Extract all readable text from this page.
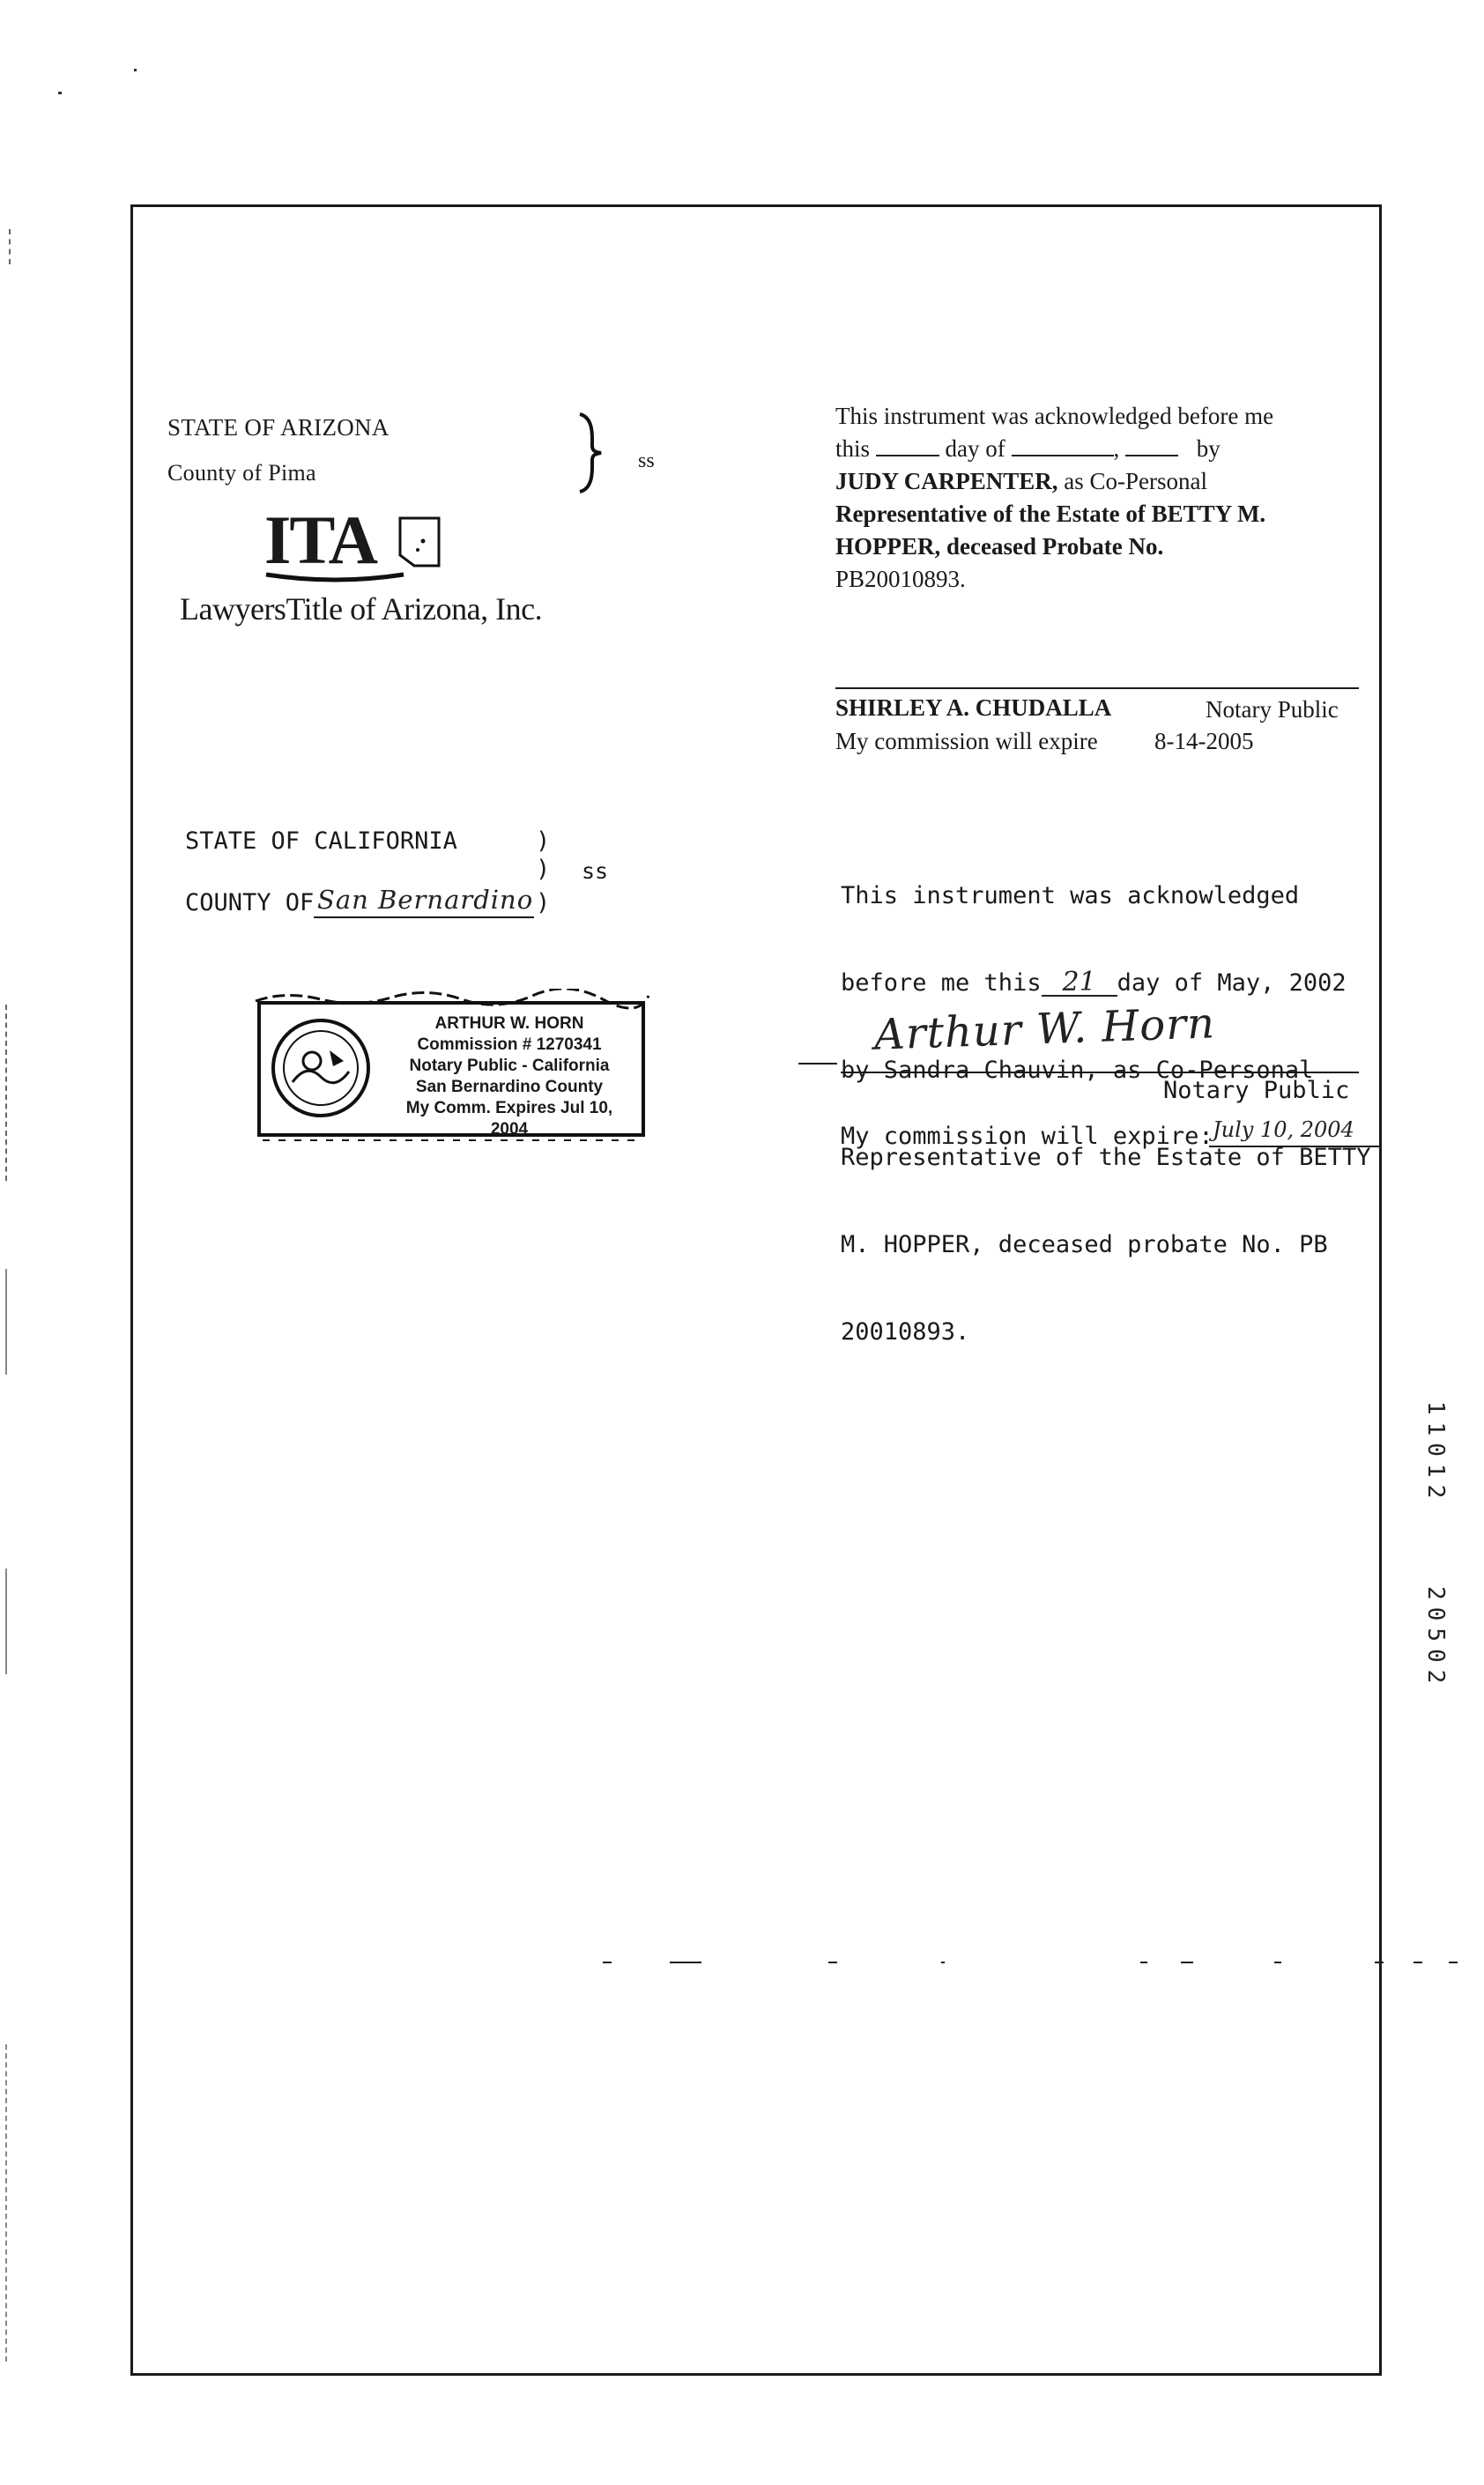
STATE OF ARIZONA
County of Pima	ss
ITA
LawyersTitle of Arizona, Inc.
This instrument was acknowledged before me
this	day of	,	by
JUDY CARPENTER, as Co-Personal
Representative of the Estate of BETTY M.
HOPPER, deceased Probate No.
PB20010893.
SHIRLEY A. CHUDALLA	Notary Public
My commission will expire 8-14-2005
STATE OF CALIFORNIA	)
) ss
COUNTY OF San Bernardino )
ARTHUR W. HORN
Commission # 1270341
Notary Public - California
San Bernardino County
My Comm. Expires Jul 10, 2004

This instrument was acknowledged

before me this 21 day of May, 2002

by Sandra Chauvin, as Co-Personal

Representative of the Estate of BETTY

M. HOPPER, deceased probate No. PB

20010893.

Arthur W. Horn
Notary Public
My commission will expire: July 10, 2004
11012
20502
